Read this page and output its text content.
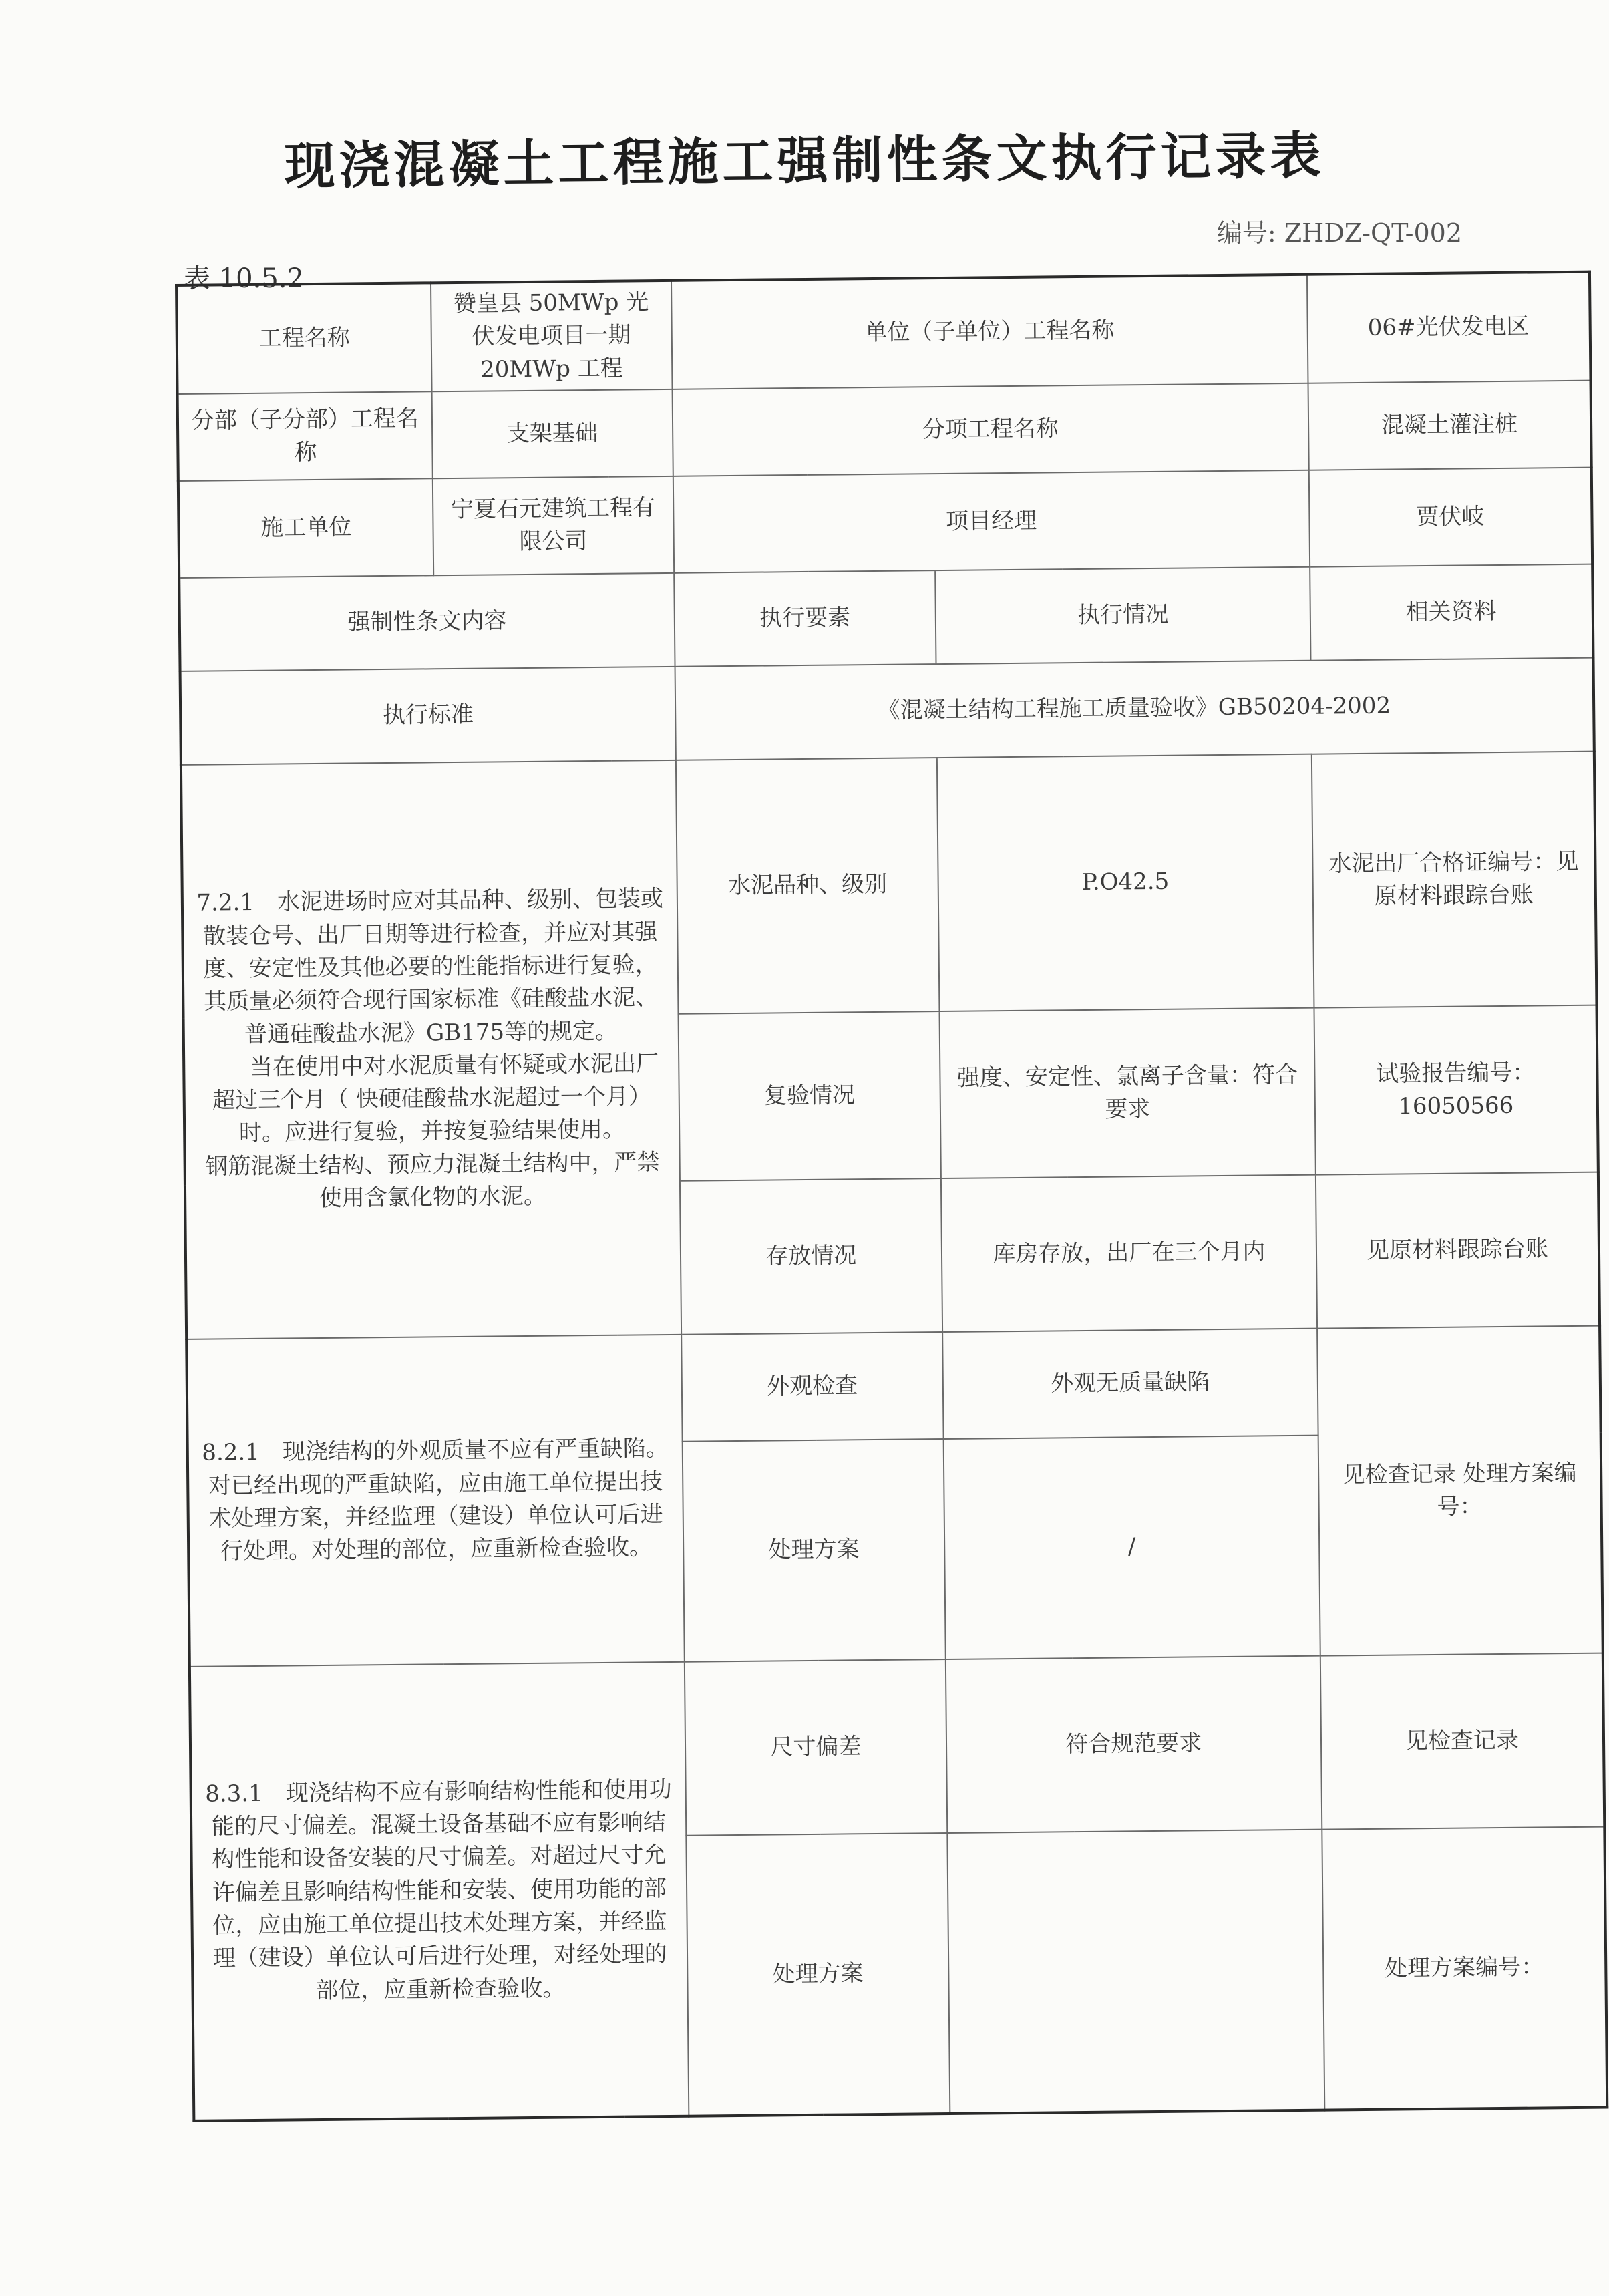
现浇混凝土工程施工强制性条文执行记录表
编号: ZHDZ-QT-002
表 10.5.2
工程名称	赞皇县 50MWp 光伏发电项目一期 20MWp 工程	单位（子单位）工程名称		06#光伏发电区
分部（子分部）工程名称	支架基础	分项工程名称		混凝土灌注桩
施工单位	宁夏石元建筑工程有限公司	项目经理		贾伏岐
强制性条文内容		执行要素	执行情况	相关资料
执行标准		《混凝土结构工程施工质量验收》GB50204-2002		

7.2.1　水泥进场时应对其品种、级别、包装或散装仓号、出厂日期等进行检查，并应对其强度、安定性及其他必要的性能指标进行复验，其质量必须符合现行国家标准《硅酸盐水泥、普通硅酸盐水泥》GB175等的规定。

当在使用中对水泥质量有怀疑或水泥出厂超过三个月（ 快硬硅酸盐水泥超过一个月）时。应进行复验，并按复验结果使用。

钢筋混凝土结构、预应力混凝土结构中，严禁使用含氯化物的水泥。		水泥品种、级别	P.O42.5	水泥出厂合格证编号：见原材料跟踪台账
		复验情况	强度、安定性、氯离子含量：符合要求	试验报告编号：16050566
		存放情况	库房存放，出厂在三个月内	见原材料跟踪台账

8.2.1　现浇结构的外观质量不应有严重缺陷。对已经出现的严重缺陷，应由施工单位提出技术处理方案，并经监理（建设）单位认可后进行处理。对处理的部位，应重新检查验收。		外观检查	外观无质量缺陷	见检查记录 处理方案编号：
		处理方案	/	

8.3.1　现浇结构不应有影响结构性能和使用功能的尺寸偏差。混凝土设备基础不应有影响结构性能和设备安装的尺寸偏差。对超过尺寸允许偏差且影响结构性能和安装、使用功能的部位，应由施工单位提出技术处理方案，并经监理（建设）单位认可后进行处理，对经处理的部位，应重新检查验收。		尺寸偏差	符合规范要求	见检查记录
		处理方案		处理方案编号：
